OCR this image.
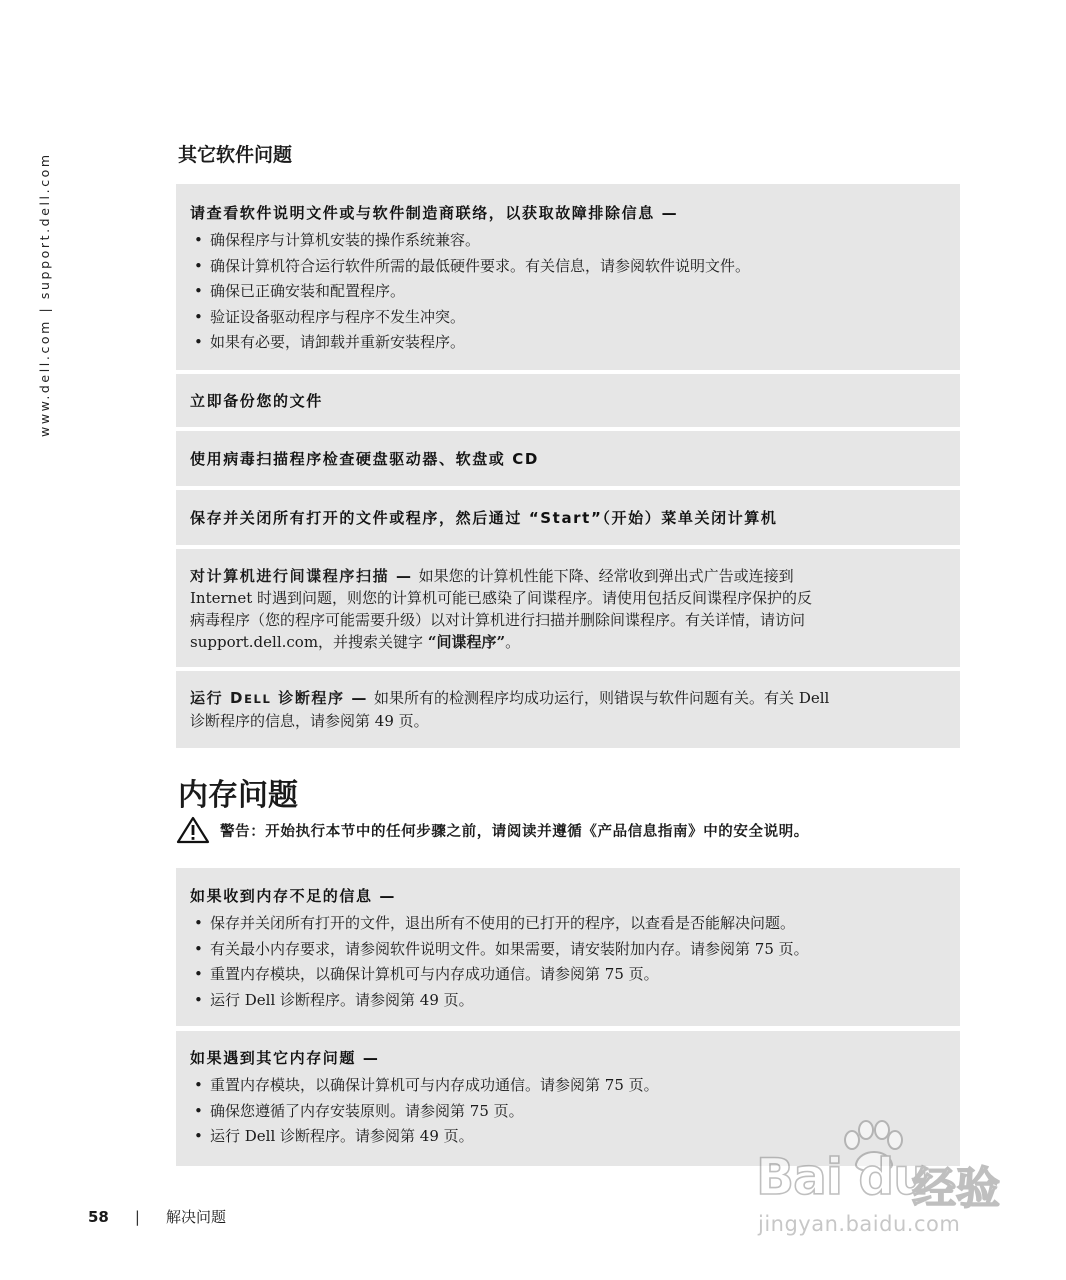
www.dell.com | support.dell.com	其它软件问题
请查看软件说明文件或与软件制造商联络，以获取故障排除信息 —
• 确保程序与计算机安装的操作系统兼容。
• 确保计算机符合运行软件所需的最低硬件要求。有关信息，请参阅软件说明文件。
• 确保已正确安装和配置程序。
• 验证设备驱动程序与程序不发生冲突。
• 如果有必要，请卸载并重新安装程序。
立即备份您的文件
使用病毒扫描程序检查硬盘驱动器、软盘或 CD
保存并关闭所有打开的文件或程序，然后通过 “Start”（开始）菜单关闭计算机
对计算机进行间谍程序扫描 — 如果您的计算机性能下降、经常收到弹出式广告或连接到
Internet 时遇到问题，则您的计算机可能已感染了间谍程序。请使用包括反间谍程序保护的反
病毒程序（您的程序可能需要升级）以对计算机进行扫描并删除间谍程序。有关详情，请访问
support.dell.com，并搜索关键字 “间谍程序”。
运行 DELL 诊断程序 — 如果所有的检测程序均成功运行，则错误与软件问题有关。有关 Dell
诊断程序的信息，请参阅第 49 页。
内存问题
警告：开始执行本节中的任何步骤之前，请阅读并遵循《产品信息指南》中的安全说明。
如果收到内存不足的信息 —
• 保存并关闭所有打开的文件，退出所有不使用的已打开的程序，以查看是否能解决问题。
• 有关最小内存要求，请参阅软件说明文件。如果需要，请安装附加内存。请参阅第 75 页。
• 重置内存模块，以确保计算机可与内存成功通信。请参阅第 75 页。
• 运行 Dell 诊断程序。请参阅第 49 页。
如果遇到其它内存问题 —
• 重置内存模块，以确保计算机可与内存成功通信。请参阅第 75 页。
• 确保您遵循了内存安装原则。请参阅第 75 页。
• 运行 Dell 诊断程序。请参阅第 49 页。
58 | 解决问题
Bai du
经验
jingyan.baidu.com
